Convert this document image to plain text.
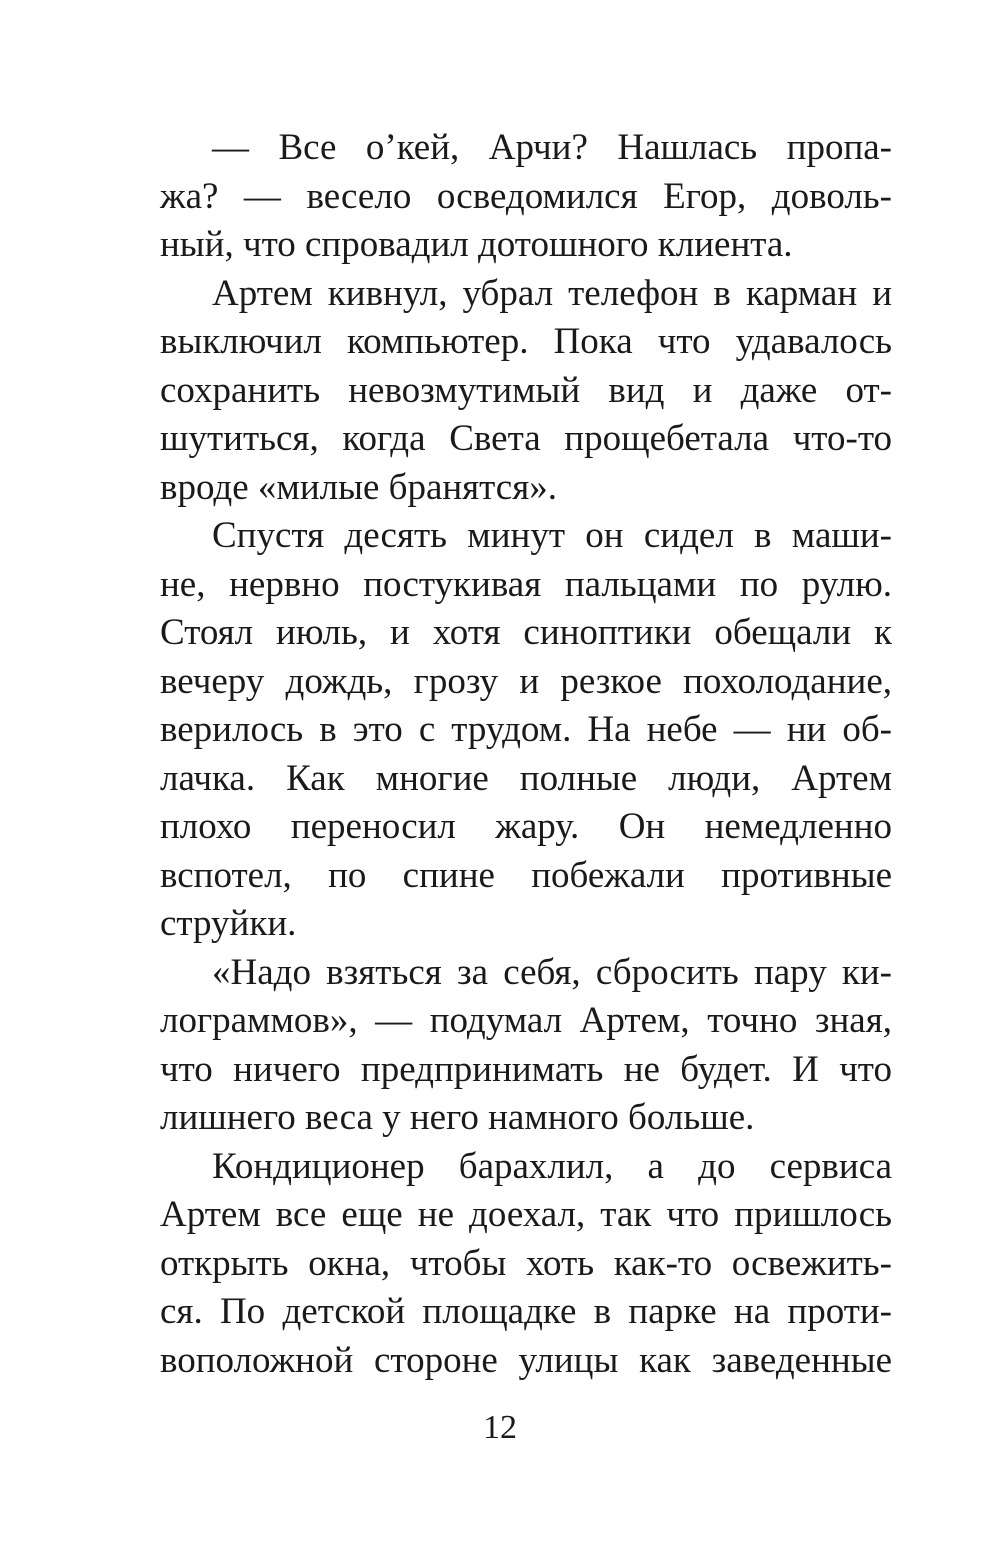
— Все о’кей, Арчи? Нашлась пропа-
жа? — весело осведомился Егор, доволь-
ный, что спровадил дотошного клиента.
Артем кивнул, убрал телефон в карман и
выключил компьютер. Пока что удавалось
сохранить невозмутимый вид и даже от-
шутиться, когда Света прощебетала что-то
вроде «милые бранятся».
Спустя десять минут он сидел в маши-
не, нервно постукивая пальцами по рулю.
Стоял июль, и хотя синоптики обещали к
вечеру дождь, грозу и резкое похолодание,
верилось в это с трудом. На небе — ни об-
лачка. Как многие полные люди, Артем
плохо переносил жару. Он немедленно
вспотел, по спине побежали противные
струйки.
«Надо взяться за себя, сбросить пару ки-
лограммов», — подумал Артем, точно зная,
что ничего предпринимать не будет. И что
лишнего веса у него намного больше.
Кондиционер барахлил, а до сервиса
Артем все еще не доехал, так что пришлось
открыть окна, чтобы хоть как-то освежить-
ся. По детской площадке в парке на проти-
воположной стороне улицы как заведенные
12
